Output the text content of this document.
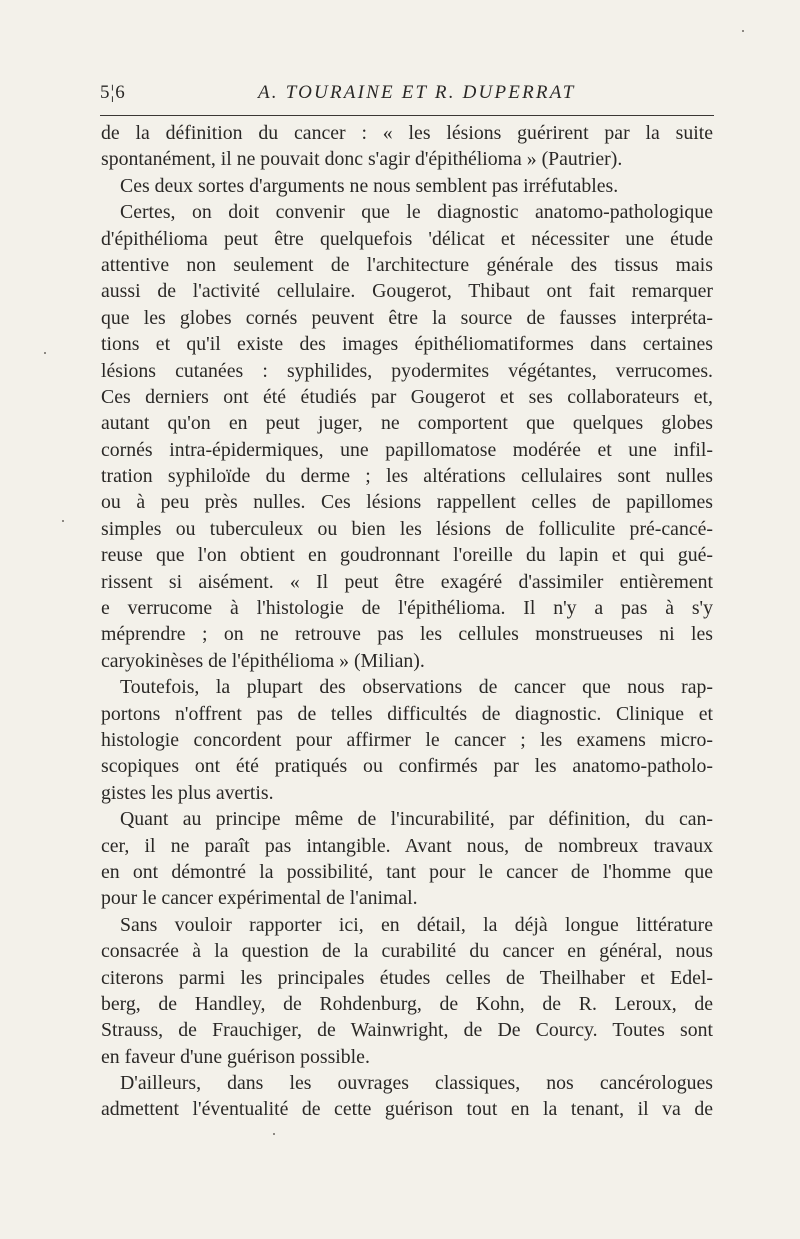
5¦6	A. TOURAINE ET R. DUPERRAT
de la définition du cancer : « les lésions guérirent par la suite
spontanément, il ne pouvait donc s'agir d'épithélioma » (Pautrier).
Ces deux sortes d'arguments ne nous semblent pas irréfutables.
Certes, on doit convenir que le diagnostic anatomo-pathologique
d'épithélioma peut être quelquefois 'délicat et nécessiter une étude
attentive non seulement de l'architecture générale des tissus mais
aussi de l'activité cellulaire. Gougerot, Thibaut ont fait remarquer
que les globes cornés peuvent être la source de fausses interpréta-
tions et qu'il existe des images épithéliomatiformes dans certaines
lésions cutanées : syphilides, pyodermites végétantes, verrucomes.
Ces derniers ont été étudiés par Gougerot et ses collaborateurs et,
autant qu'on en peut juger, ne comportent que quelques globes
cornés intra-épidermiques, une papillomatose modérée et une infil-
tration syphiloïde du derme ; les altérations cellulaires sont nulles
ou à peu près nulles. Ces lésions rappellent celles de papillomes
simples ou tuberculeux ou bien les lésions de folliculite pré-cancé-
reuse que l'on obtient en goudronnant l'oreille du lapin et qui gué-
rissent si aisément. « Il peut être exagéré d'assimiler entièrement
e verrucome à l'histologie de l'épithélioma. Il n'y a pas à s'y
méprendre ; on ne retrouve pas les cellules monstrueuses ni les
caryokinèses de l'épithélioma » (Milian).
Toutefois, la plupart des observations de cancer que nous rap-
portons n'offrent pas de telles difficultés de diagnostic. Clinique et
histologie concordent pour affirmer le cancer ; les examens micro-
scopiques ont été pratiqués ou confirmés par les anatomo-patholo-
gistes les plus avertis.
Quant au principe même de l'incurabilité, par définition, du can-
cer, il ne paraît pas intangible. Avant nous, de nombreux travaux
en ont démontré la possibilité, tant pour le cancer de l'homme que
pour le cancer expérimental de l'animal.
Sans vouloir rapporter ici, en détail, la déjà longue littérature
consacrée à la question de la curabilité du cancer en général, nous
citerons parmi les principales études celles de Theilhaber et Edel-
berg, de Handley, de Rohdenburg, de Kohn, de R. Leroux, de
Strauss, de Frauchiger, de Wainwright, de De Courcy. Toutes sont
en faveur d'une guérison possible.
D'ailleurs, dans les ouvrages classiques, nos cancérologues
admettent l'éventualité de cette guérison tout en la tenant, il va de
